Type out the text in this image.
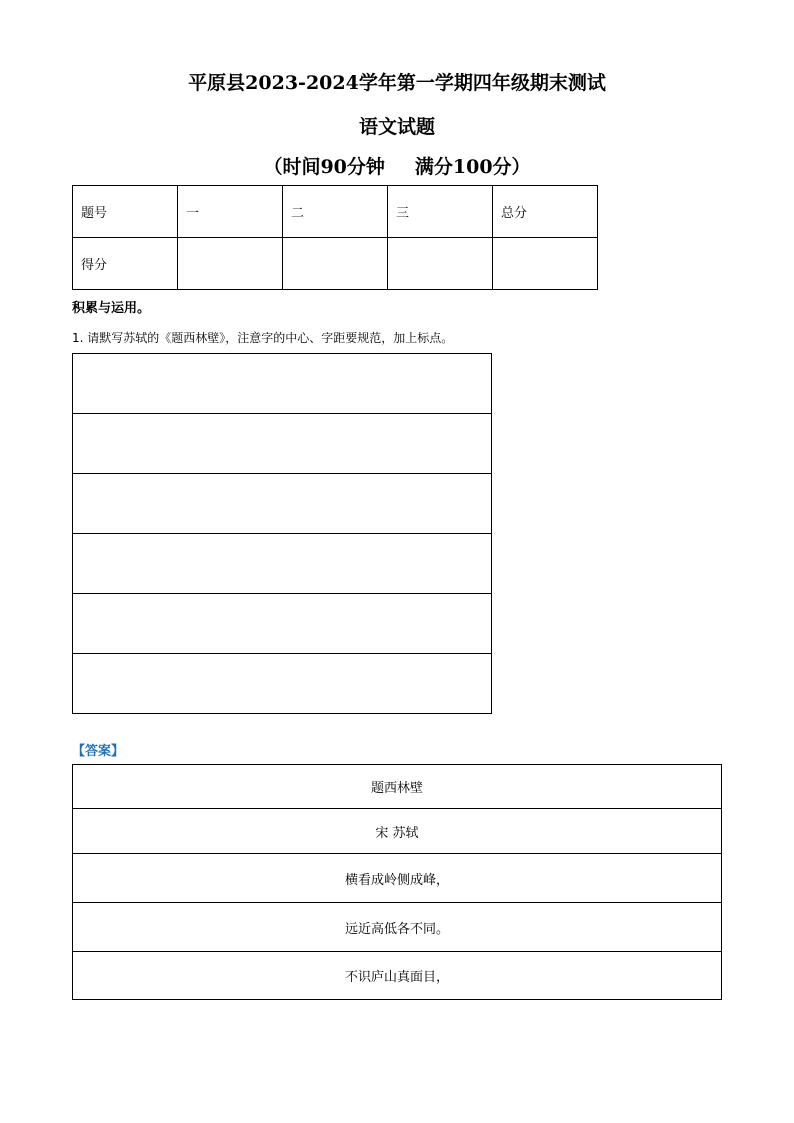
平原县2023-2024学年第一学期四年级期末测试
语文试题
（时间90分钟 满分100分）
题号	一	二	三	总分
得分				
积累与运用。
1. 请默写苏轼的《题西林壁》，注意字的中心、字距要规范，加上标点。

【答案】
题西林壁
宋 苏轼
横看成岭侧成峰，
远近高低各不同。
不识庐山真面目，
